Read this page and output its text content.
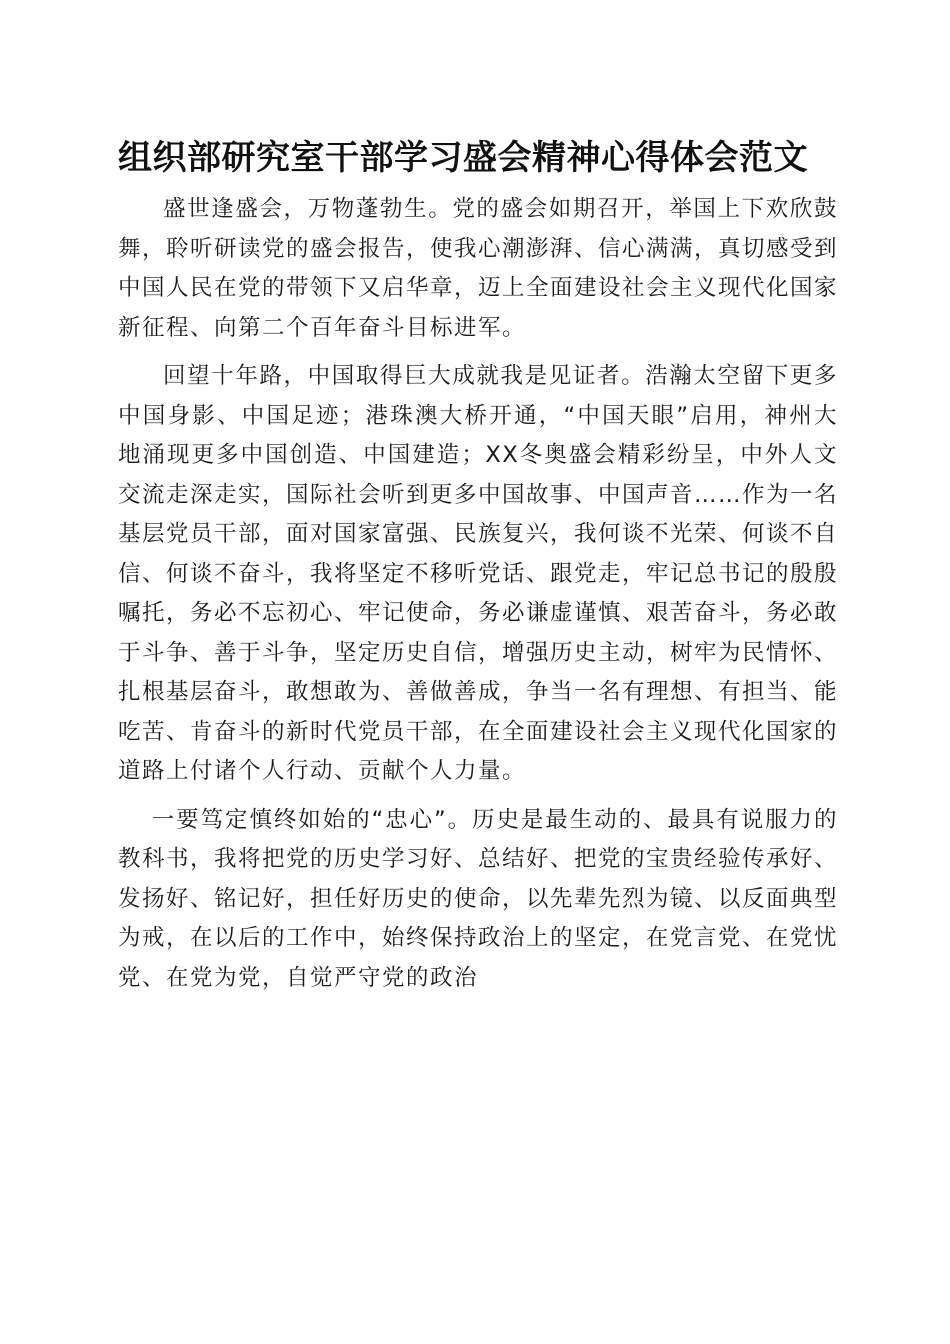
组织部研究室干部学习盛会精神心得体会范文

盛世逢盛会，万物蓬勃生。党的盛会如期召开，举国上下欢欣鼓舞，聆听研读党的盛会报告，使我心潮澎湃、信心满满，真切感受到中国人民在党的带领下又启华章，迈上全面建设社会主义现代化国家新征程、向第二个百年奋斗目标进军。

回望十年路，中国取得巨大成就我是见证者。浩瀚太空留下更多中国身影、中国足迹；港珠澳大桥开通，“中国天眼”启用，神州大地涌现更多中国创造、中国建造；XX冬奥盛会精彩纷呈，中外人文交流走深走实，国际社会听到更多中国故事、中国声音……作为一名基层党员干部，面对国家富强、民族复兴，我何谈不光荣、何谈不自信、何谈不奋斗，我将坚定不移听党话、跟党走，牢记总书记的殷殷嘱托，务必不忘初心、牢记使命，务必谦虚谨慎、艰苦奋斗，务必敢于斗争、善于斗争，坚定历史自信，增强历史主动，树牢为民情怀、扎根基层奋斗，敢想敢为、善做善成，争当一名有理想、有担当、能吃苦、肯奋斗的新时代党员干部，在全面建设社会主义现代化国家的道路上付诸个人行动、贡献个人力量。

一要笃定慎终如始的“忠心”。历史是最生动的、最具有说服力的教科书，我将把党的历史学习好、总结好、把党的宝贵经验传承好、发扬好、铭记好，担任好历史的使命，以先辈先烈为镜、以反面典型为戒，在以后的工作中，始终保持政治上的坚定，在党言党、在党忧党、在党为党，自觉严守党的政治
